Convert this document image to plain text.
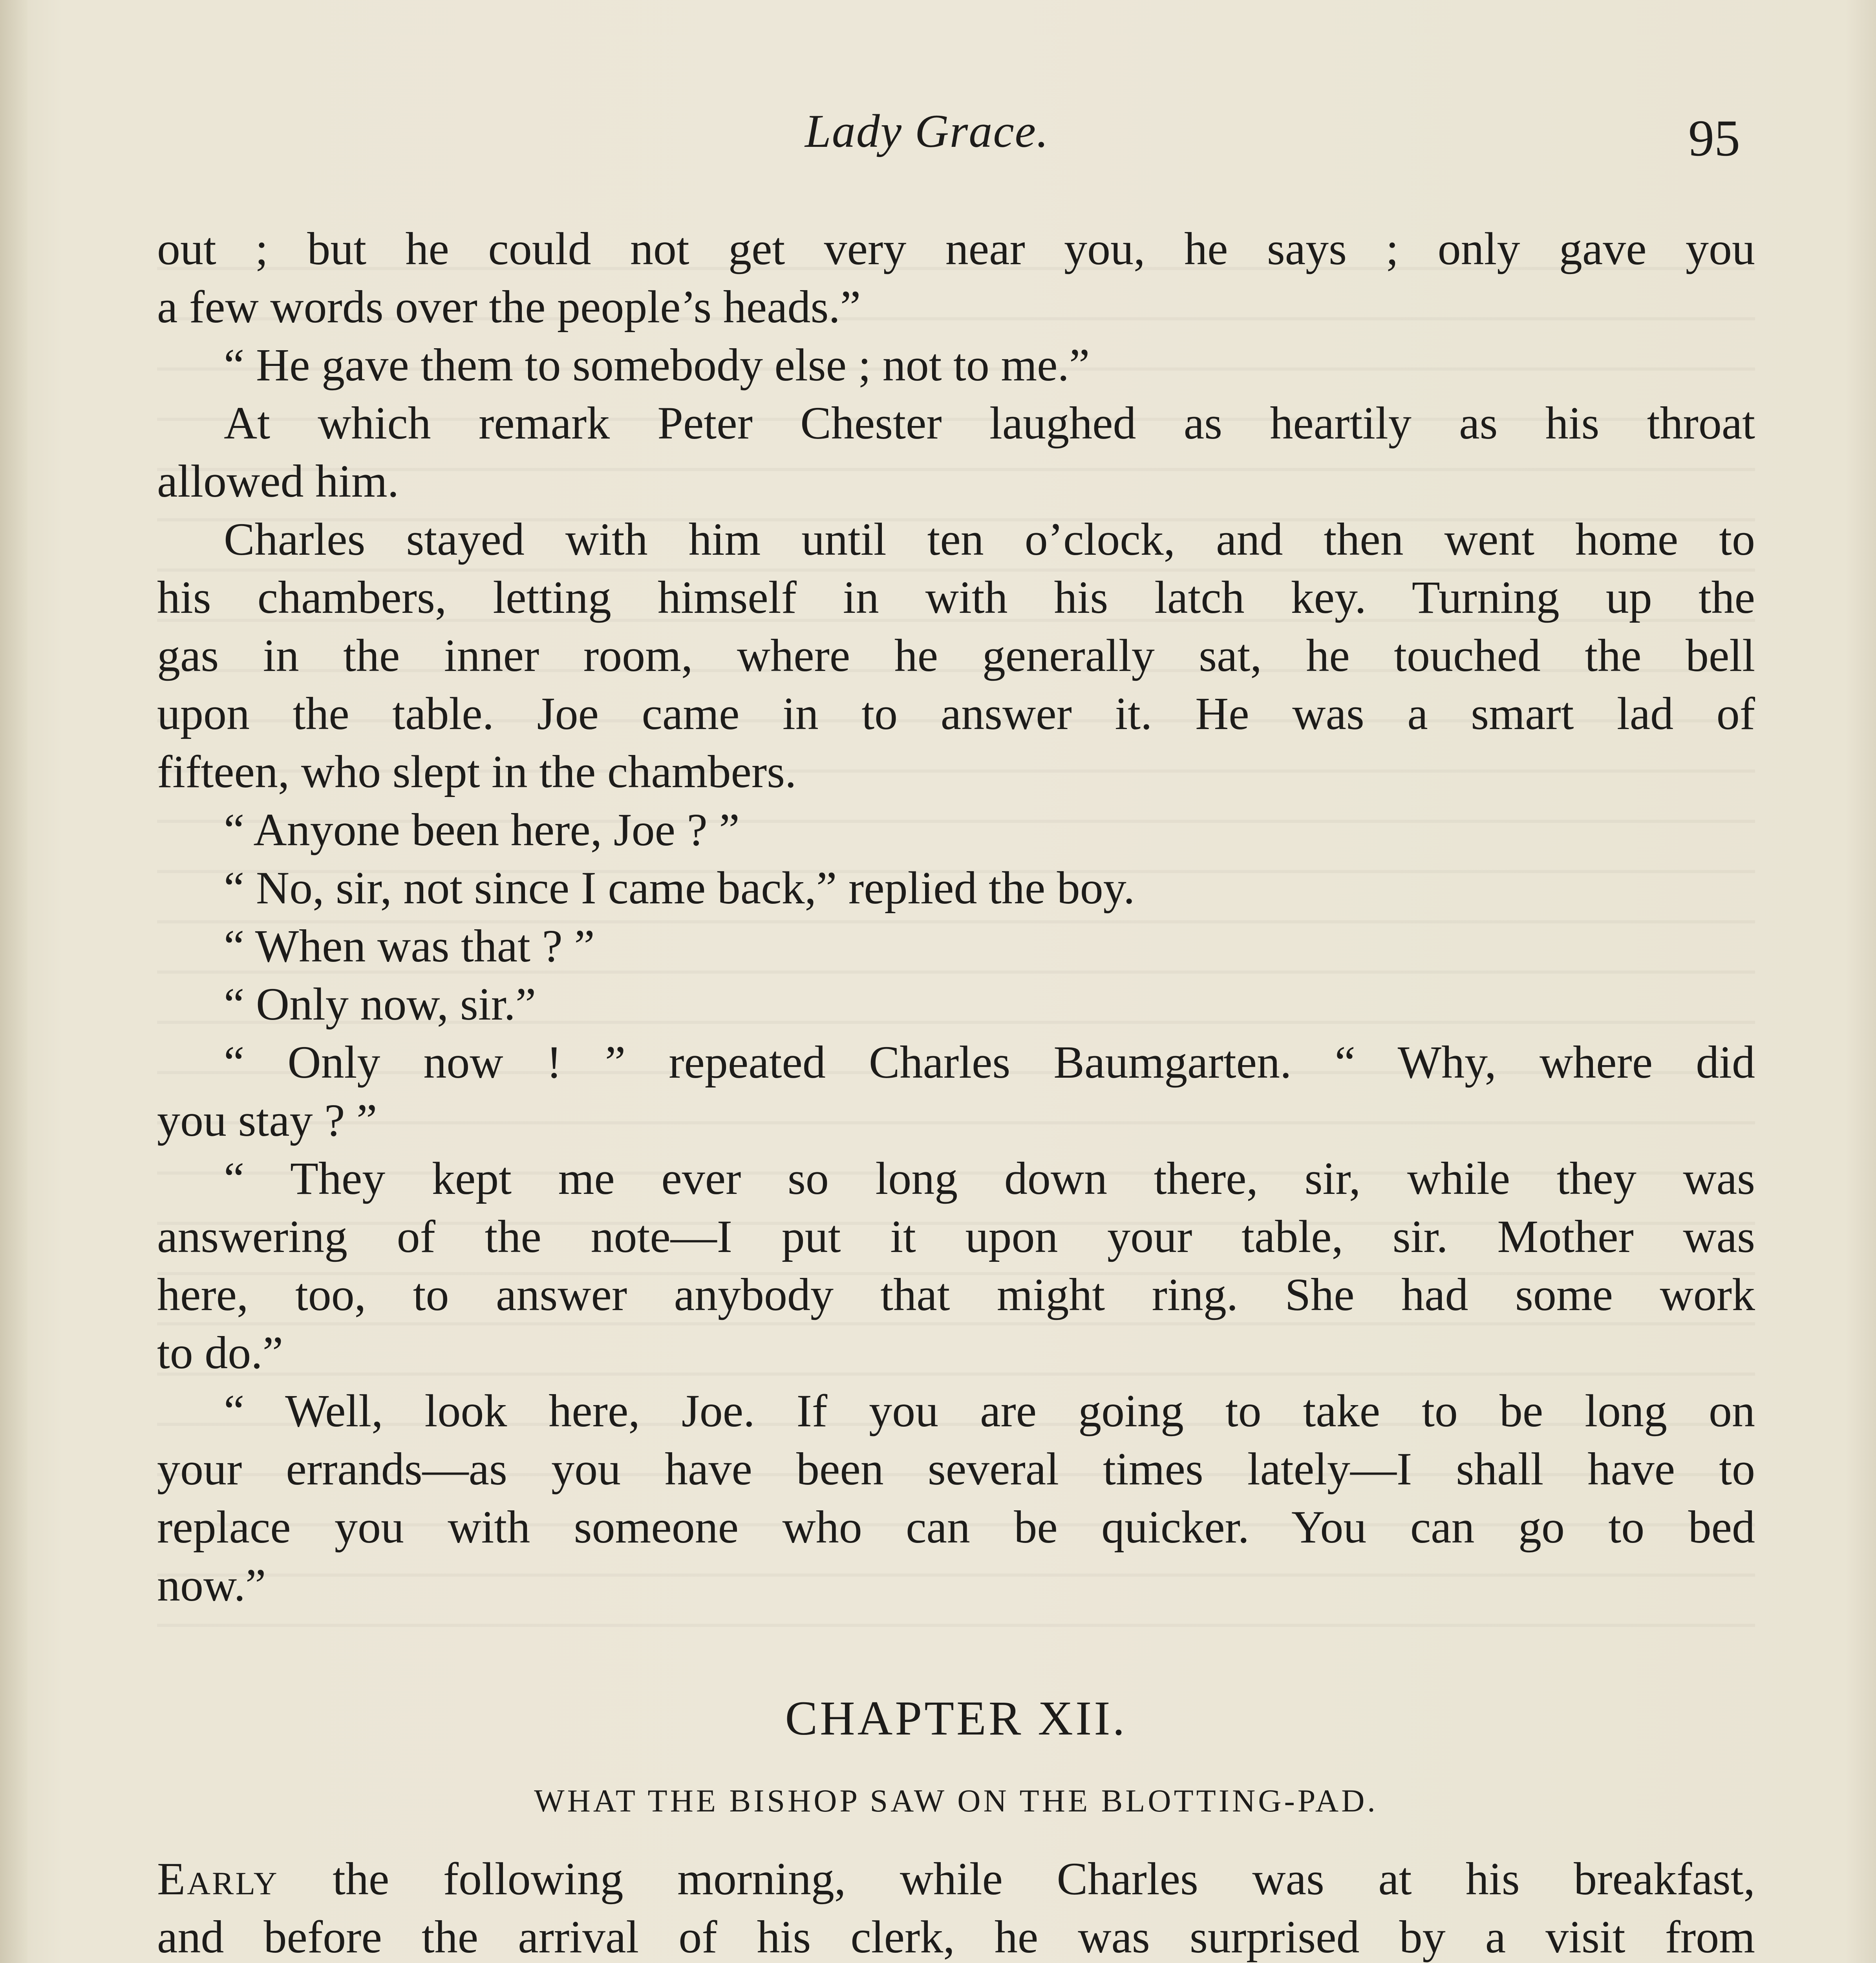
Lady Grace.	95
out ; but he could not get very near you, he says ; only gave you
a few words over the people’s heads.”
“ He gave them to somebody else ; not to me.”
At which remark Peter Chester laughed as heartily as his throat
allowed him.
Charles stayed with him until ten o’clock, and then went home to
his chambers, letting himself in with his latch key. Turning up the
gas in the inner room, where he generally sat, he touched the bell
upon the table. Joe came in to answer it. He was a smart lad of
fifteen, who slept in the chambers.
“ Anyone been here, Joe ? ”
“ No, sir, not since I came back,” replied the boy.
“ When was that ? ”
“ Only now, sir.”
“ Only now ! ” repeated Charles Baumgarten. “ Why, where did
you stay ? ”
“ They kept me ever so long down there, sir, while they was
answering of the note—I put it upon your table, sir. Mother was
here, too, to answer anybody that might ring. She had some work
to do.”
“ Well, look here, Joe. If you are going to take to be long on
your errands—as you have been several times lately—I shall have to
replace you with someone who can be quicker. You can go to bed
now.”
CHAPTER XII.
WHAT THE BISHOP SAW ON THE BLOTTING-PAD.
Early the following morning, while Charles was at his breakfast,
and before the arrival of his clerk, he was surprised by a visit from
